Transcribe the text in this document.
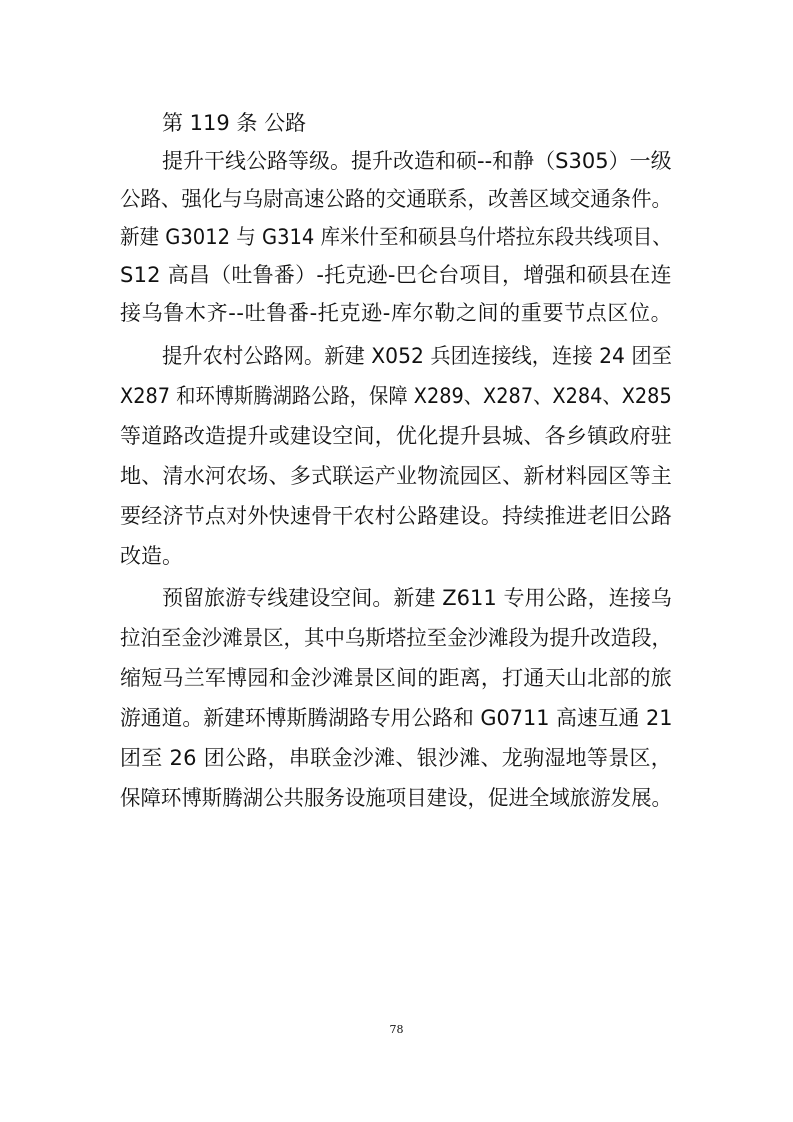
第 119 条 公路

提升干线公路等级。提升改造和硕--和静（S305）一级

公路、强化与乌尉高速公路的交通联系，改善区域交通条件。

新建 G3012 与 G314 库米什至和硕县乌什塔拉东段共线项目、

S12 高昌（吐鲁番）-托克逊-巴仑台项目，增强和硕县在连

接乌鲁木齐--吐鲁番-托克逊-库尔勒之间的重要节点区位。

提升农村公路网。新建 X052 兵团连接线，连接 24 团至

X287 和环博斯腾湖路公路，保障 X289、X287、X284、X285

等道路改造提升或建设空间，优化提升县城、各乡镇政府驻

地、清水河农场、多式联运产业物流园区、新材料园区等主

要经济节点对外快速骨干农村公路建设。持续推进老旧公路

改造。

预留旅游专线建设空间。新建 Z611 专用公路，连接乌

拉泊至金沙滩景区，其中乌斯塔拉至金沙滩段为提升改造段，

缩短马兰军博园和金沙滩景区间的距离，打通天山北部的旅

游通道。新建环博斯腾湖路专用公路和 G0711 高速互通 21

团至 26 团公路，串联金沙滩、银沙滩、龙驹湿地等景区，

保障环博斯腾湖公共服务设施项目建设，促进全域旅游发展。

78
